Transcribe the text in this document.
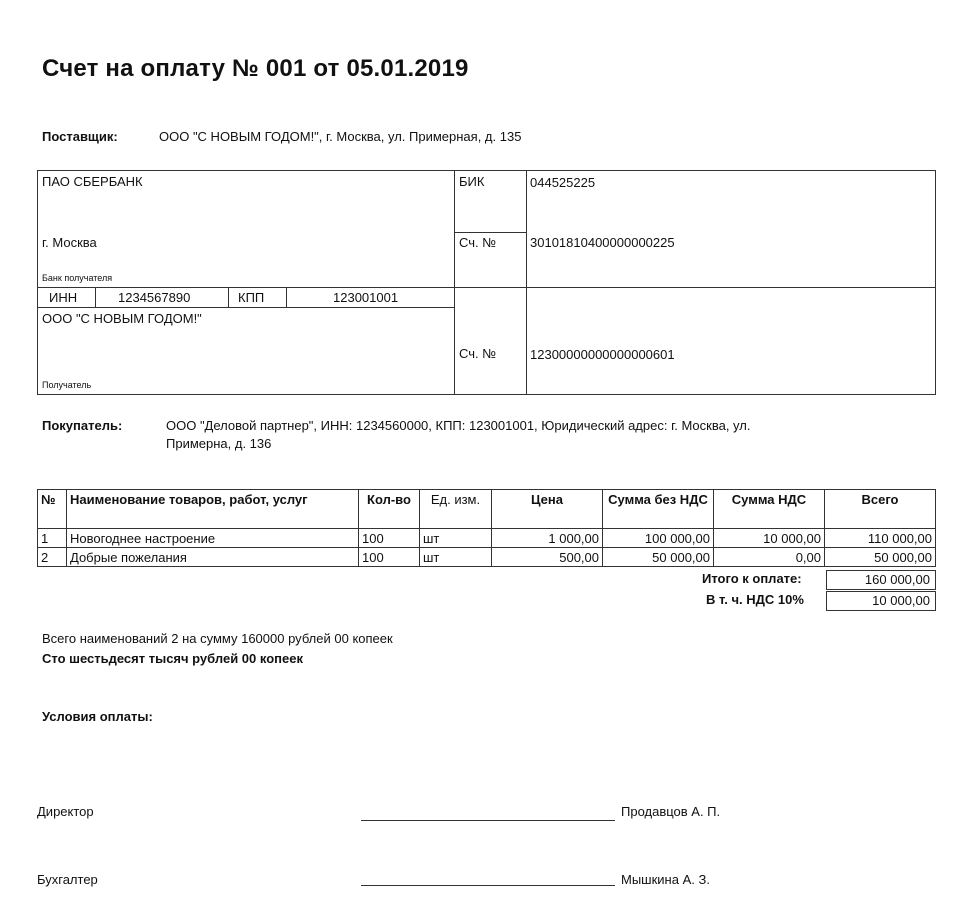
Счет на оплату № 001 от 05.01.2019
Поставщик:	ООО "С НОВЫМ ГОДОМ!", г. Москва, ул. Примерная, д. 135
ПАО СБЕРБАНК
г. Москва
Банк получателя
БИК	044525225
Сч. №	30101810400000000225
ИНН	1234567890	КПП	123001001
ООО "С НОВЫМ ГОДОМ!"
Получатель
Сч. №	12300000000000000601
Покупатель:	ООО "Деловой партнер", ИНН: 1234560000, КПП: 123001001, Юридический адрес: г. Москва, ул.
Примерна, д. 136
№	Наименование товаров, работ, услуг	Кол-во	Ед. изм.	Цена	Сумма без НДС	Сумма НДС	Всего
1	Новогоднее настроение	100	шт	1 000,00	100 000,00	10 000,00	110 000,00
2	Добрые пожелания	100	шт	500,00	50 000,00	0,00	50 000,00
Итого к оплате:	160 000,00
В т. ч. НДС 10%	10 000,00
Всего наименований 2 на сумму 160000 рублей 00 копеек
Сто шестьдесят тысяч рублей 00 копеек
Условия оплаты:
Директор	Продавцов А. П.
Бухгалтер	Мышкина А. З.
